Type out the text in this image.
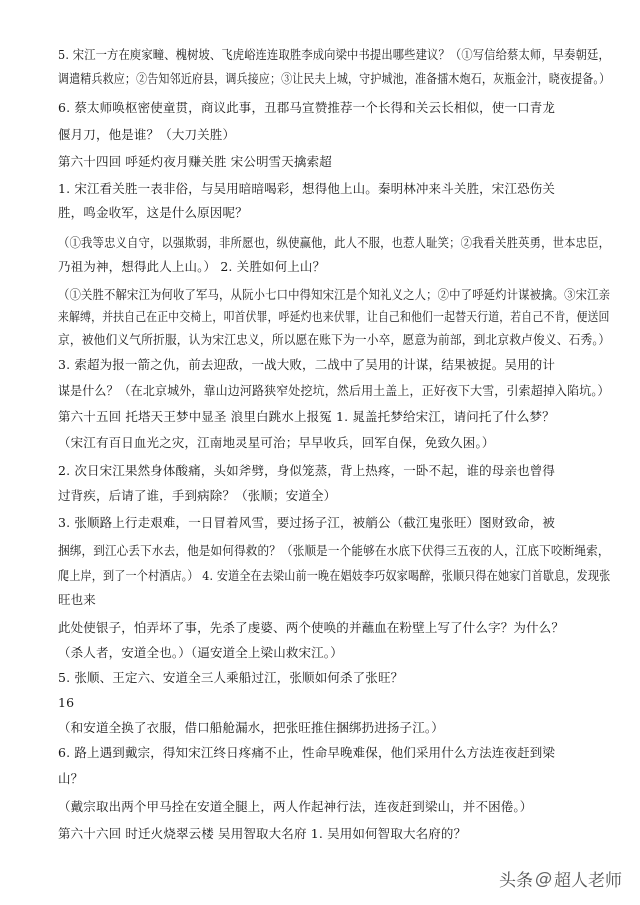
5. 宋江一方在庾家疃、槐树坡、飞虎峪连连取胜李成向梁中书提出哪些建议？（①写信给蔡太师，早奏朝廷，
调遣精兵救应；②告知邻近府县，调兵接应；③让民夫上城，守护城池，准备擂木炮石，灰瓶金汁，晓夜提备。）
6. 蔡太师唤枢密使童贯，商议此事，丑郡马宣赞推荐一个长得和关云长相似，使一口青龙
偃月刀，他是谁？（大刀关胜）
第六十四回 呼延灼夜月赚关胜 宋公明雪天擒索超
1. 宋江看关胜一表非俗，与吴用暗暗喝彩，想得他上山。秦明林冲来斗关胜，宋江恐伤关
胜，鸣金收军，这是什么原因呢？
（①我等忠义自守，以强欺弱，非所愿也，纵使赢他，此人不服，也惹人耻笑；②我看关胜英勇，世本忠臣，
乃祖为神，想得此人上山。） 2. 关胜如何上山？
（①关胜不解宋江为何收了军马，从阮小七口中得知宋江是个知礼义之人；②中了呼延灼计谋被擒。③宋江亲
来解缚，并扶自己在正中交椅上，叩首伏罪，呼延灼也来伏罪，让自己和他们一起替天行道，若自己不肯，便送回
京，被他们义气所折服，认为宋江忠义，所以愿在账下为一小卒，愿意为前部，到北京救卢俊义、石秀。）
3. 索超为报一箭之仇，前去迎敌，一战大败，二战中了吴用的计谋，结果被捉。吴用的计
谋是什么？（在北京城外，靠山边河路狭窄处挖坑，然后用土盖上，正好夜下大雪，引索超掉入陷坑。）
第六十五回 托塔天王梦中显圣 浪里白跳水上报冤 1. 晁盖托梦给宋江，请问托了什么梦？
（宋江有百日血光之灾，江南地灵星可治；早早收兵，回军自保，免致久困。）
2. 次日宋江果然身体酸痛，头如斧劈，身似笼蒸，背上热疼，一卧不起，谁的母亲也曾得
过背疾，后请了谁，手到病除？（张顺；安道全）
3. 张顺路上行走艰难，一日冒着风雪，要过扬子江，被艄公（截江鬼张旺）图财致命，被
捆绑，到江心丢下水去，他是如何得救的？（张顺是一个能够在水底下伏得三五夜的人，江底下咬断绳索，
爬上岸，到了一个村酒店。） 4. 安道全在去梁山前一晚在娼妓李巧奴家喝醉，张顺只得在她家门首歇息，发现张
旺也来
此处使银子，怕弄坏了事，先杀了虔婆、两个使唤的并蘸血在粉壁上写了什么字？为什么？
（杀人者，安道全也。）（逼安道全上梁山救宋江。）
5. 张顺、王定六、安道全三人乘船过江，张顺如何杀了张旺？
16
（和安道全换了衣服，借口船舱漏水，把张旺推住捆绑扔进扬子江。）
6. 路上遇到戴宗，得知宋江终日疼痛不止，性命早晚难保，他们采用什么方法连夜赶到梁
山？
（戴宗取出两个甲马拴在安道全腿上，两人作起神行法，连夜赶到梁山，并不困倦。）
第六十六回 时迁火烧翠云楼 吴用智取大名府 1. 吴用如何智取大名府的？
头条 @ 超人老师
